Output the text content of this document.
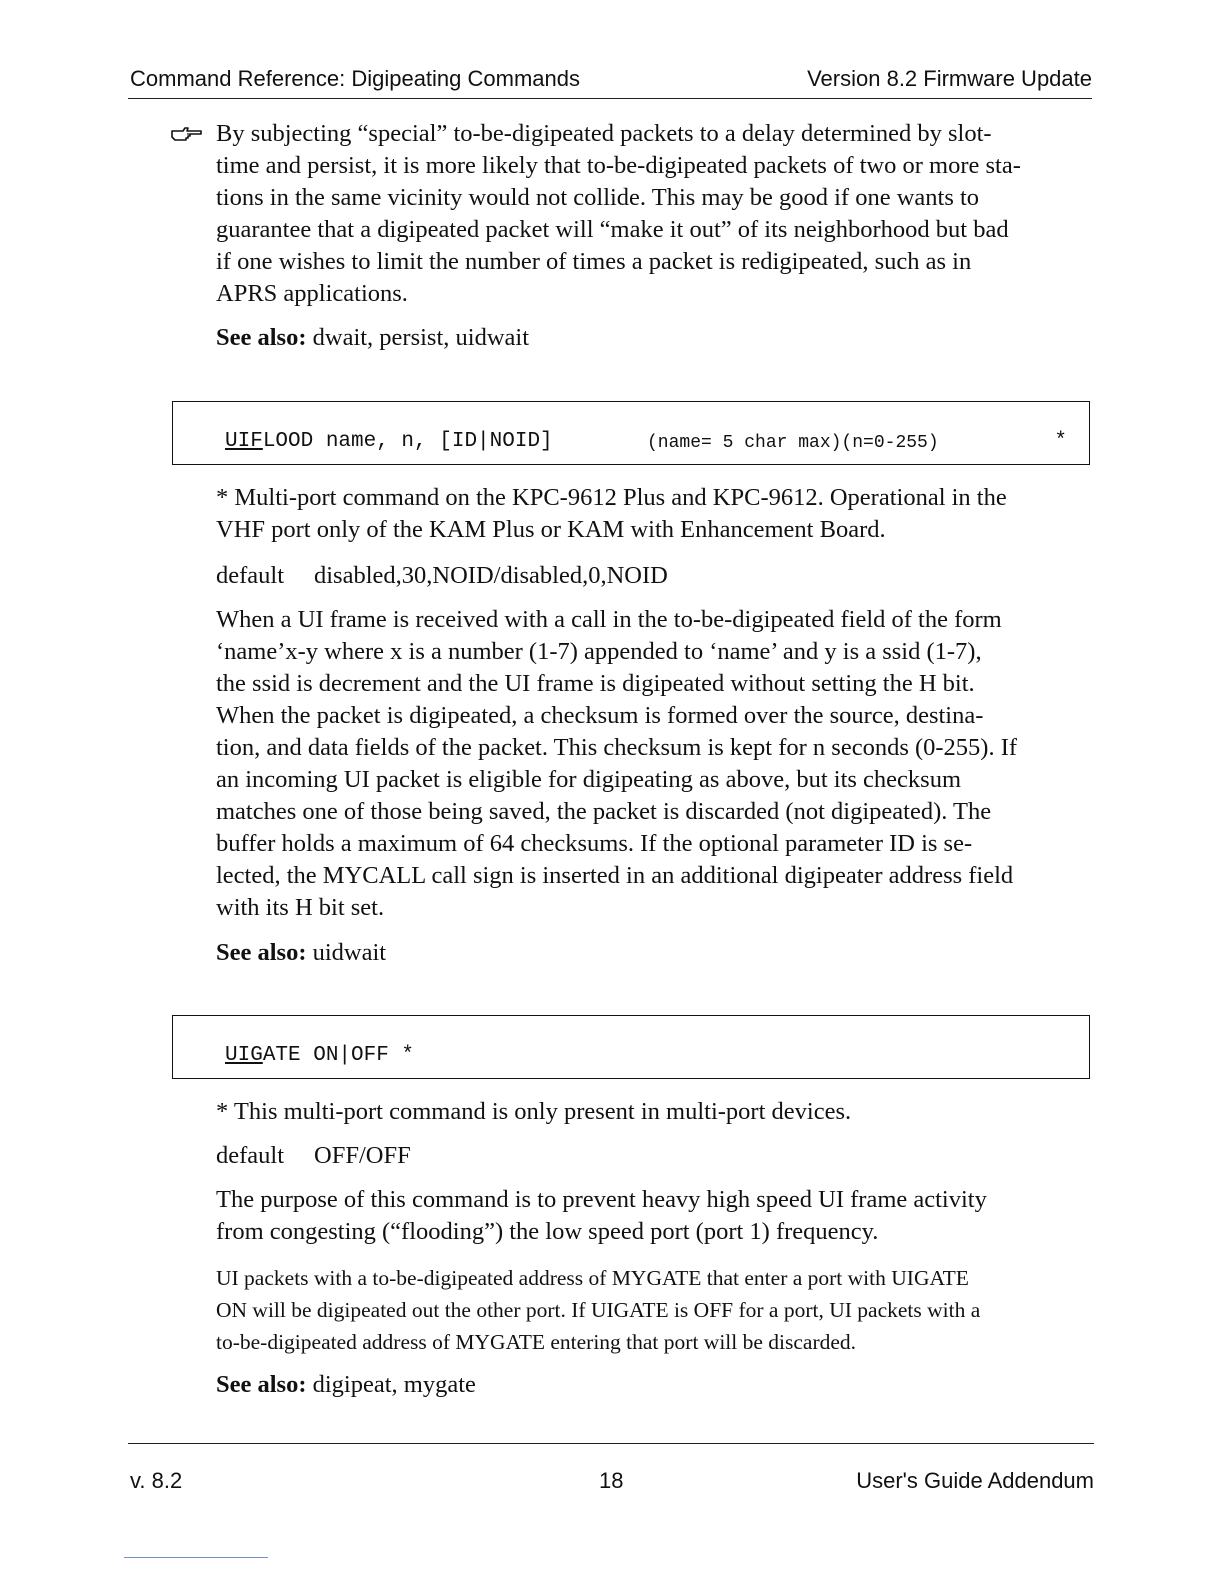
Command Reference: Digipeating Commands	Version 8.2 Firmware Update
By subjecting “special” to-be-digipeated packets to a delay determined by slot-
time and persist, it is more likely that to-be-digipeated packets of two or more sta-
tions in the same vicinity would not collide. This may be good if one wants to
guarantee that a digipeated packet will “make it out” of its neighborhood but bad
if one wishes to limit the number of times a packet is redigipeated, such as in
APRS applications.
See also: dwait, persist, uidwait
UIFLOOD name, n, [ID|NOID]	(name= 5 char max)(n=0-255)	*
* Multi-port command on the KPC-9612 Plus and KPC-9612. Operational in the
VHF port only of the KAM Plus or KAM with Enhancement Board.
default disabled,30,NOID/disabled,0,NOID
When a UI frame is received with a call in the to-be-digipeated field of the form
‘name’x-y where x is a number (1-7) appended to ‘name’ and y is a ssid (1-7),
the ssid is decrement and the UI frame is digipeated without setting the H bit.
When the packet is digipeated, a checksum is formed over the source, destina-
tion, and data fields of the packet. This checksum is kept for n seconds (0-255). If
an incoming UI packet is eligible for digipeating as above, but its checksum
matches one of those being saved, the packet is discarded (not digipeated). The
buffer holds a maximum of 64 checksums. If the optional parameter ID is se-
lected, the MYCALL call sign is inserted in an additional digipeater address field
with its H bit set.
See also: uidwait
UIGATE ON|OFF *
* This multi-port command is only present in multi-port devices.
default OFF/OFF
The purpose of this command is to prevent heavy high speed UI frame activity
from congesting (“flooding”) the low speed port (port 1) frequency.
UI packets with a to-be-digipeated address of MYGATE that enter a port with UIGATE
ON will be digipeated out the other port. If UIGATE is OFF for a port, UI packets with a
to-be-digipeated address of MYGATE entering that port will be discarded.
See also: digipeat, mygate
v. 8.2	18	User's Guide Addendum
